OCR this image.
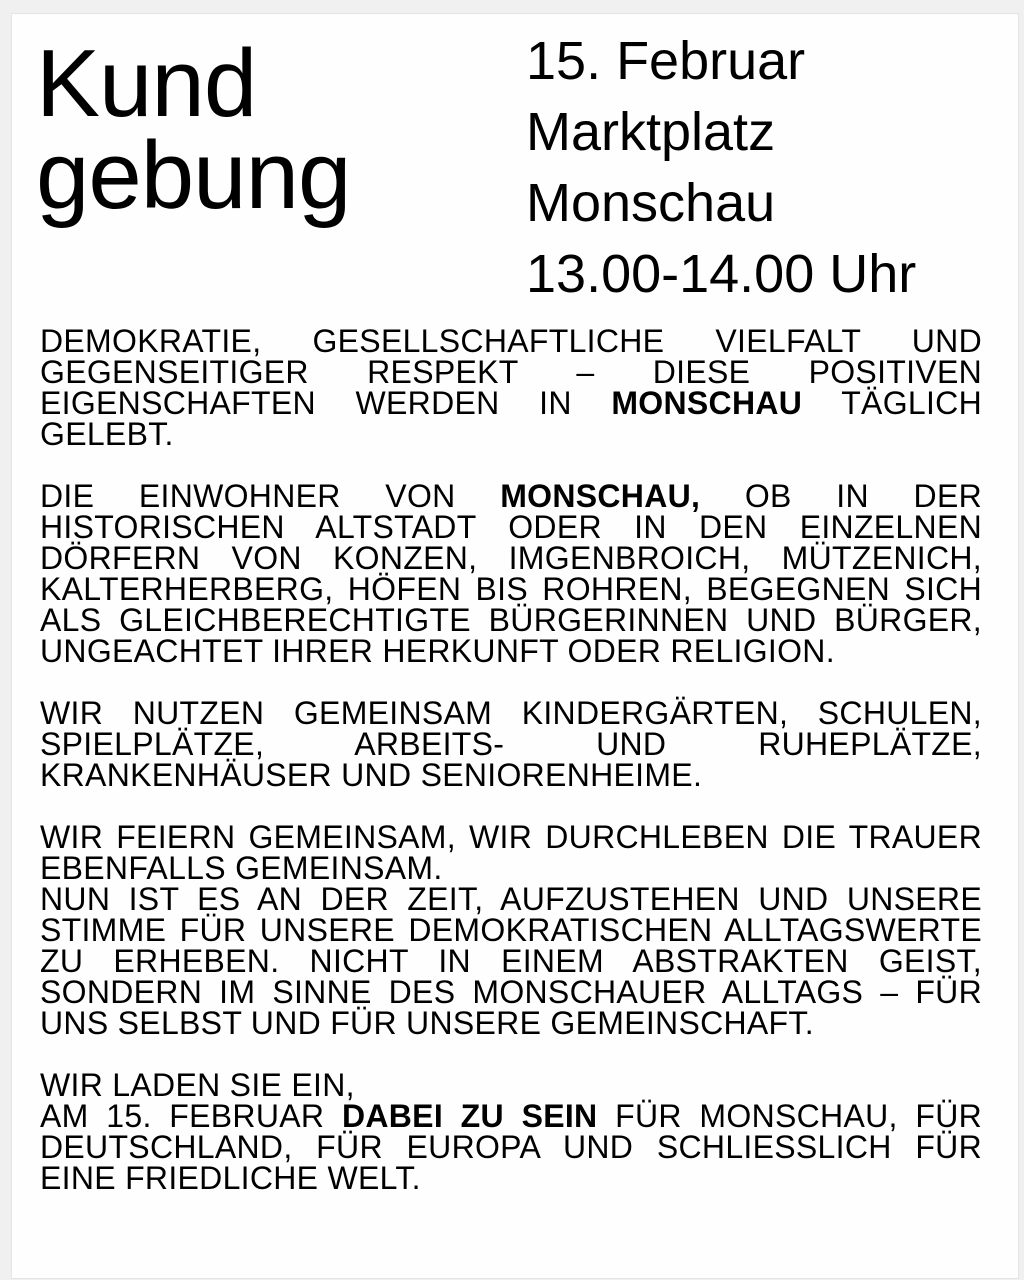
Kund
gebung
15. Februar
Marktplatz
Monschau
13.00-14.00 Uhr

DEMOKRATIE, GESELLSCHAFTLICHE VIELFALT UND GEGENSEITIGER RESPEKT – DIESE POSITIVEN EIGENSCHAFTEN WERDEN IN MONSCHAU TÄGLICH GELEBT.

DIE EINWOHNER VON MONSCHAU, OB IN DER HISTORISCHEN ALTSTADT ODER IN DEN EINZELNEN DÖRFERN VON KONZEN, IMGENBROICH, MÜTZENICH, KALTERHERBERG, HÖFEN BIS ROHREN, BEGEGNEN SICH ALS GLEICHBERECHTIGTE BÜRGERINNEN UND BÜRGER, UNGEACHTET IHRER HERKUNFT ODER RELIGION.

WIR NUTZEN GEMEINSAM KINDERGÄRTEN, SCHULEN, SPIELPLÄTZE, ARBEITS- UND RUHEPLÄTZE, KRANKENHÄUSER UND SENIORENHEIME.

WIR FEIERN GEMEINSAM, WIR DURCHLEBEN DIE TRAUER EBENFALLS GEMEINSAM.

NUN IST ES AN DER ZEIT, AUFZUSTEHEN UND UNSERE STIMME FÜR UNSERE DEMOKRATISCHEN ALLTAGSWERTE ZU ERHEBEN. NICHT IN EINEM ABSTRAKTEN GEIST, SONDERN IM SINNE DES MONSCHAUER ALLTAGS – FÜR UNS SELBST UND FÜR UNSERE GEMEINSCHAFT.

WIR LADEN SIE EIN,
AM 15. FEBRUAR DABEI ZU SEIN FÜR MONSCHAU, FÜR DEUTSCHLAND, FÜR EUROPA UND SCHLIESSLICH FÜR EINE FRIEDLICHE WELT.
